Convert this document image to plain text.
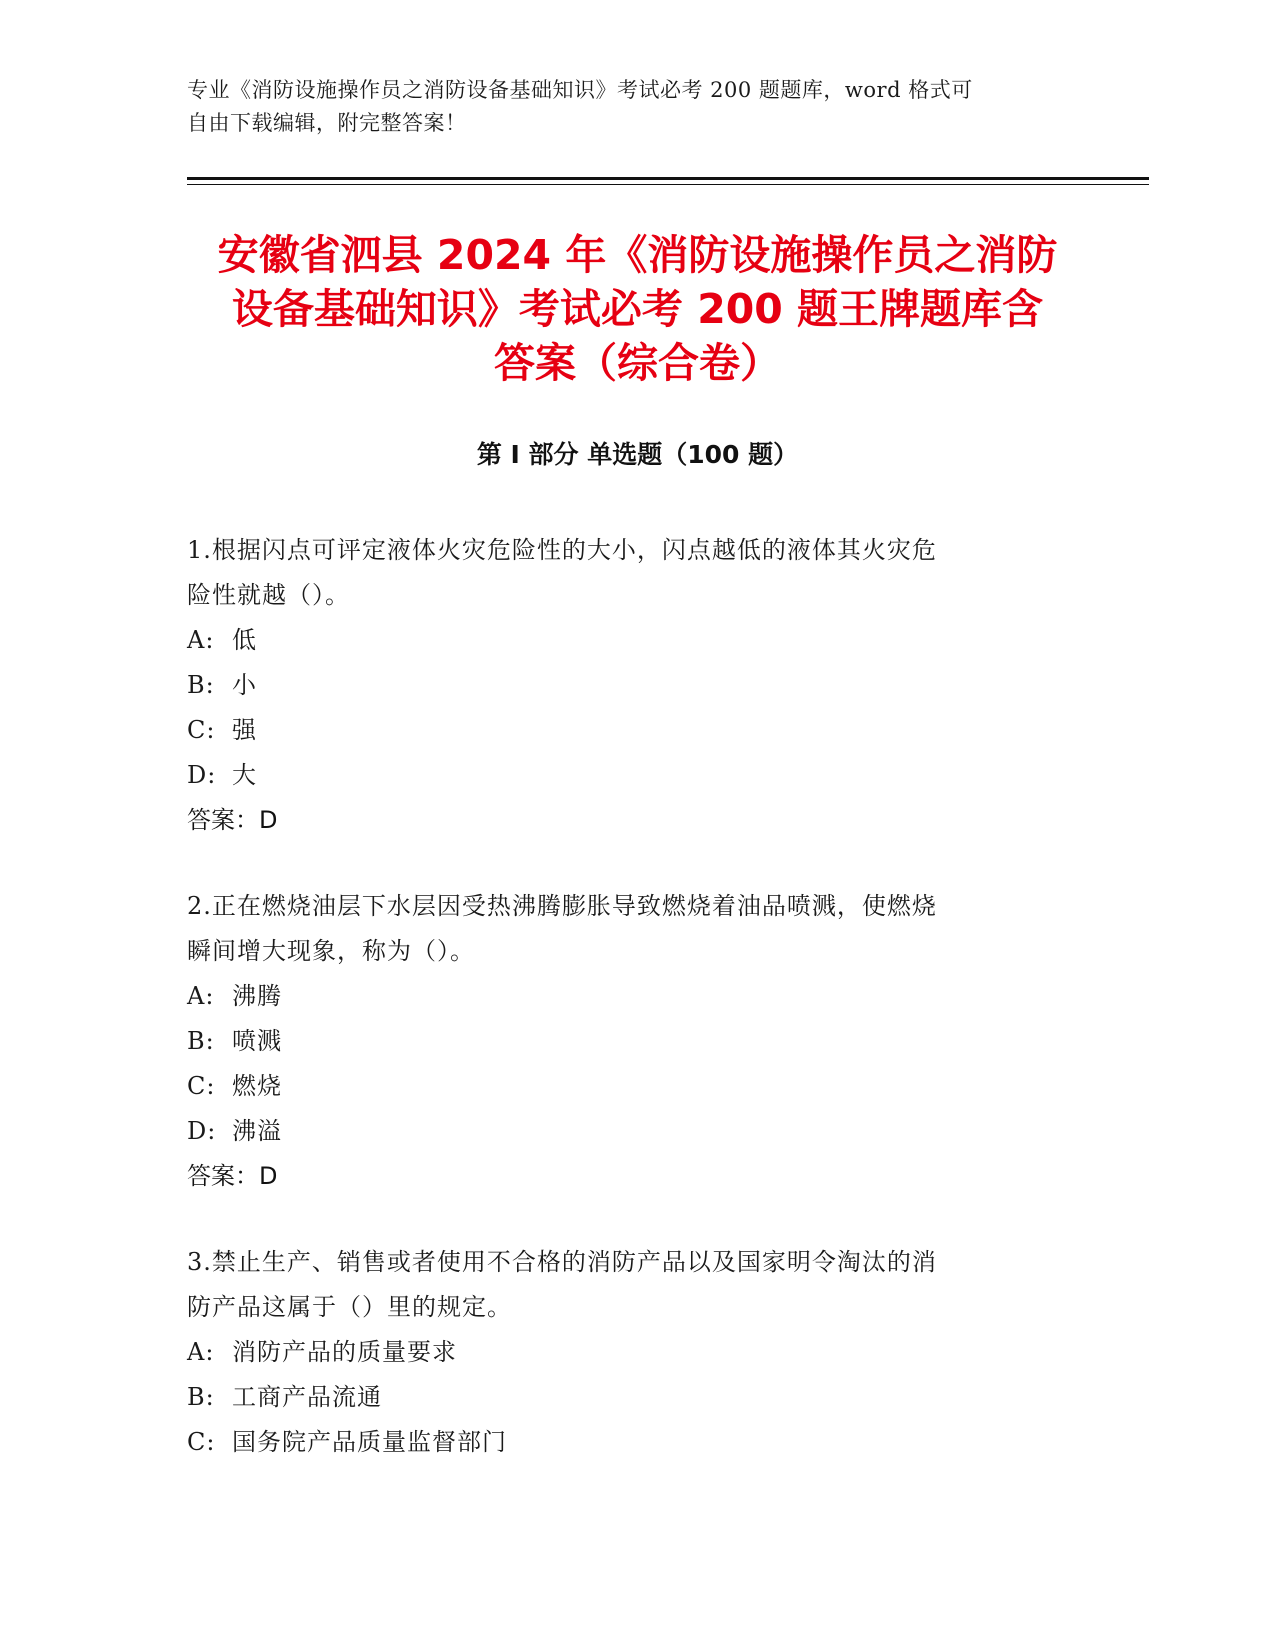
专业《消防设施操作员之消防设备基础知识》考试必考 200 题题库，word 格式可
自由下载编辑，附完整答案！
安徽省泗县 2024 年《消防设施操作员之消防
设备基础知识》考试必考 200 题王牌题库含
答案（综合卷）
第 I 部分 单选题（100 题）
1.根据闪点可评定液体火灾危险性的大小，闪点越低的液体其火灾危
险性就越（）。
A: 低
B: 小
C: 强
D: 大
答案：D
2.正在燃烧油层下水层因受热沸腾膨胀导致燃烧着油品喷溅，使燃烧
瞬间增大现象，称为（）。
A: 沸腾
B: 喷溅
C: 燃烧
D: 沸溢
答案：D
3.禁止生产、销售或者使用不合格的消防产品以及国家明令淘汰的消
防产品这属于（）里的规定。
A: 消防产品的质量要求
B: 工商产品流通
C: 国务院产品质量监督部门
